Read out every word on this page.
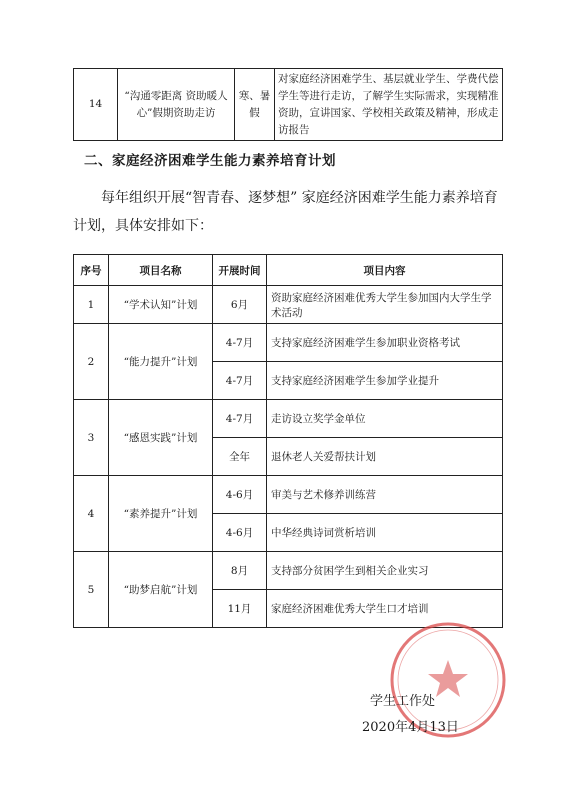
14	“沟通零距离 资助暖人心”假期资助走访	寒、暑假	对家庭经济困难学生、基层就业学生、学费代偿学生等进行走访，了解学生实际需求，实现精准资助，宣讲国家、学校相关政策及精神，形成走访报告
二、家庭经济困难学生能力素养培育计划
每年组织开展“智青春、逐梦想” 家庭经济困难学生能力素养培育计划，具体安排如下：
序号	项目名称	开展时间	项目内容
1	“学术认知”计划	6月	资助家庭经济困难优秀大学生参加国内大学生学术活动
2	“能力提升”计划	4-7月	支持家庭经济困难学生参加职业资格考试
		4-7月	支持家庭经济困难学生参加学业提升
3	“感恩实践”计划	4-7月	走访设立奖学金单位
		全年	退休老人关爱帮扶计划
4	“素养提升”计划	4-6月	审美与艺术修养训练营
		4-6月	中华经典诗词赏析培训
5	“助梦启航”计划	8月	支持部分贫困学生到相关企业实习
		11月	家庭经济困难优秀大学生口才培训
学生工作处
2020年4月13日
